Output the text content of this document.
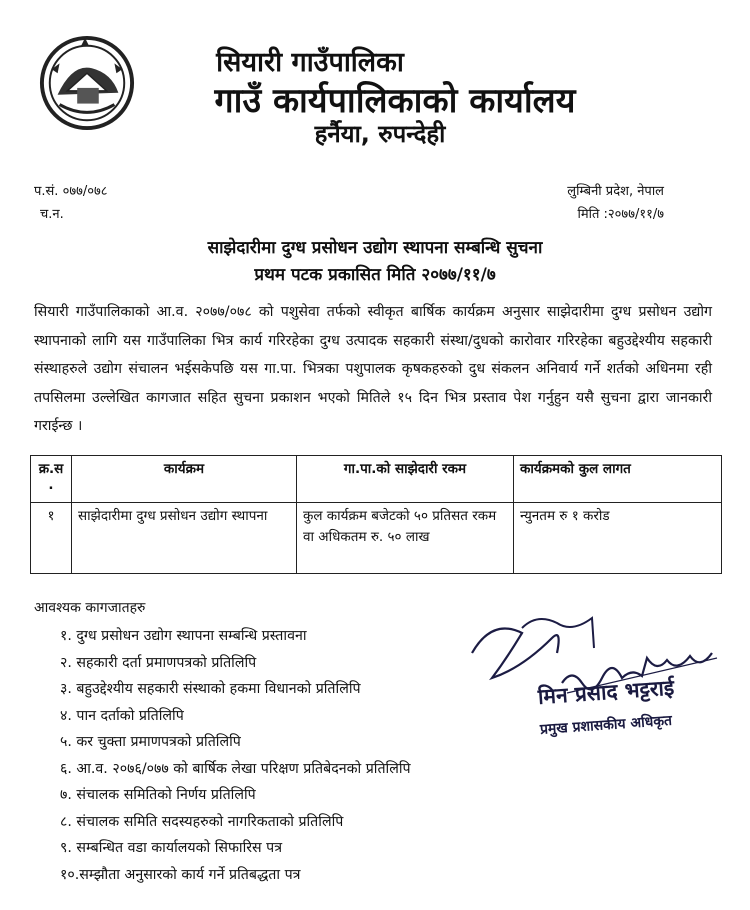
सियारी गाउँपालिका
गाउँ कार्यपालिकाको कार्यालय
हर्नैया, रुपन्देही
प.सं. ०७७/०७८
च.न.
लुम्बिनी प्रदेश, नेपाल
मिति :२०७७/११/७
साझेदारीमा दुग्ध प्रसोधन उद्योग स्थापना सम्बन्धि सुचना
प्रथम पटक प्रकासित मिति २०७७/११/७
सियारी गाउँपालिकाको आ.व. २०७७/०७८ को पशुसेवा तर्फको स्वीकृत बार्षिक कार्यक्रम अनुसार साझेदारीमा दुग्ध प्रसोधन उद्योग स्थापनाको लागि यस गाउँपालिका भित्र कार्य गरिरहेका दुग्ध उत्पादक सहकारी संस्था/दुधको कारोवार गरिरहेका बहुउद्देश्यीय सहकारी संस्थाहरुले उद्योग संचालन भईसकेपछि यस गा.पा. भित्रका पशुपालक कृषकहरुको दुध संकलन अनिवार्य गर्ने शर्तको अधिनमा रही तपसिलमा उल्लेखित कागजात सहित सुचना प्रकाशन भएको मितिले १५ दिन भित्र प्रस्ताव पेश गर्नुहुन यसै सुचना द्वारा जानकारी गराईन्छ ।
क्र.स .	कार्यक्रम	गा.पा.को साझेदारी रकम	कार्यक्रमको कुल लागत
१	साझेदारीमा दुग्ध प्रसोधन उद्योग स्थापना	कुल कार्यक्रम बजेटको ५० प्रतिसत रकम वा अधिकतम रु. ५० लाख	न्युनतम रु १ करोड
आवश्यक कागजातहरु
१. दुग्ध प्रसोधन उद्योग स्थापना सम्बन्धि प्रस्तावना
२. सहकारी दर्ता प्रमाणपत्रको प्रतिलिपि
३. बहुउद्देश्यीय सहकारी संस्थाको हकमा विधानको प्रतिलिपि
४. पान दर्ताको प्रतिलिपि
५. कर चुक्ता प्रमाणपत्रको प्रतिलिपि
६. आ.व. २०७६/०७७ को बार्षिक लेखा परिक्षण प्रतिबेदनको प्रतिलिपि
७. संचालक समितिको निर्णय प्रतिलिपि
८. संचालक समिति सदस्यहरुको नागरिकताको प्रतिलिपि
९. सम्बन्धित वडा कार्यालयको सिफारिस पत्र
१०.सम्झौता अनुसारको कार्य गर्ने प्रतिबद्धता पत्र
मिन प्रसाद भट्टराई
प्रमुख प्रशासकीय अधिकृत
